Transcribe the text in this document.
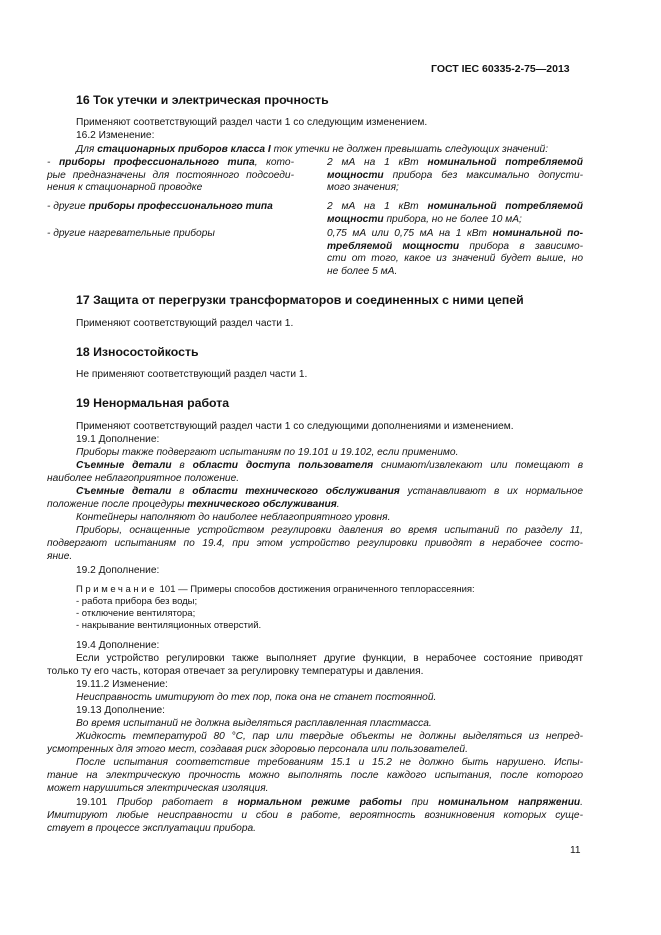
ГОСТ IEC 60335-2-75—2013
16 Ток утечки и электрическая прочность
Применяют соответствующий раздел части 1 со следующим изменением.
16.2 Изменение:
Для стационарных приборов класса I ток утечки не должен превышать следующих значений:
- приборы профессионального типа, кото-
рые предназначены для постоянного подсоеди-
нения к стационарной проводке
- другие приборы профессионального типа
- другие нагревательные приборы
2 мА на 1 кВт номинальной потребляемой
мощности прибора без максимально допусти-
мого значения;
2 мА на 1 кВт номинальной потребляемой
мощности прибора, но не более 10 мА;
0,75 мА или 0,75 мА на 1 кВт номинальной по-
требляемой мощности прибора в зависимо-
сти от того, какое из значений будет выше, но
не более 5 мА.
17 Защита от перегрузки трансформаторов и соединенных с ними цепей
Применяют соответствующий раздел части 1.
18 Износостойкость
Не применяют соответствующий раздел части 1.
19 Ненормальная работа
Применяют соответствующий раздел части 1 со следующими дополнениями и изменением.
19.1 Дополнение:
Приборы также подвергают испытаниям по 19.101 и 19.102, если применимо.
Съемные детали в области доступа пользователя снимают/извлекают или помещают в
наиболее неблагоприятное положение.
Съемные детали в области технического обслуживания устанавливают в их нормальное
положение после процедуры технического обслуживания.
Контейнеры наполняют до наиболее неблагоприятного уровня.
Приборы, оснащенные устройством регулировки давления во время испытаний по разделу 11,
подвергают испытаниям по 19.4, при этом устройство регулировки приводят в нерабочее состо-
яние.
19.2 Дополнение:
Примечание 101 — Примеры способов достижения ограниченного теплорассеяния:
- работа прибора без воды;
- отключение вентилятора;
- накрывание вентиляционных отверстий.
19.4 Дополнение:
Если устройство регулировки также выполняет другие функции, в нерабочее состояние приводят
только ту его часть, которая отвечает за регулировку температуры и давления.
19.11.2 Изменение:
Неисправность имитируют до тех пор, пока она не станет постоянной.
19.13 Дополнение:
Во время испытаний не должна выделяться расплавленная пластмасса.
Жидкость температурой 80 °С, пар или твердые объекты не должны выделяться из непред-
усмотренных для этого мест, создавая риск здоровью персонала или пользователей.
После испытания соответствие требованиям 15.1 и 15.2 не должно быть нарушено. Испы-
тание на электрическую прочность можно выполнять после каждого испытания, после которого
может нарушиться электрическая изоляция.
19.101 Прибор работает в нормальном режиме работы при номинальном напряжении.
Имитируют любые неисправности и сбои в работе, вероятность возникновения которых суще-
ствует в процессе эксплуатации прибора.
11
